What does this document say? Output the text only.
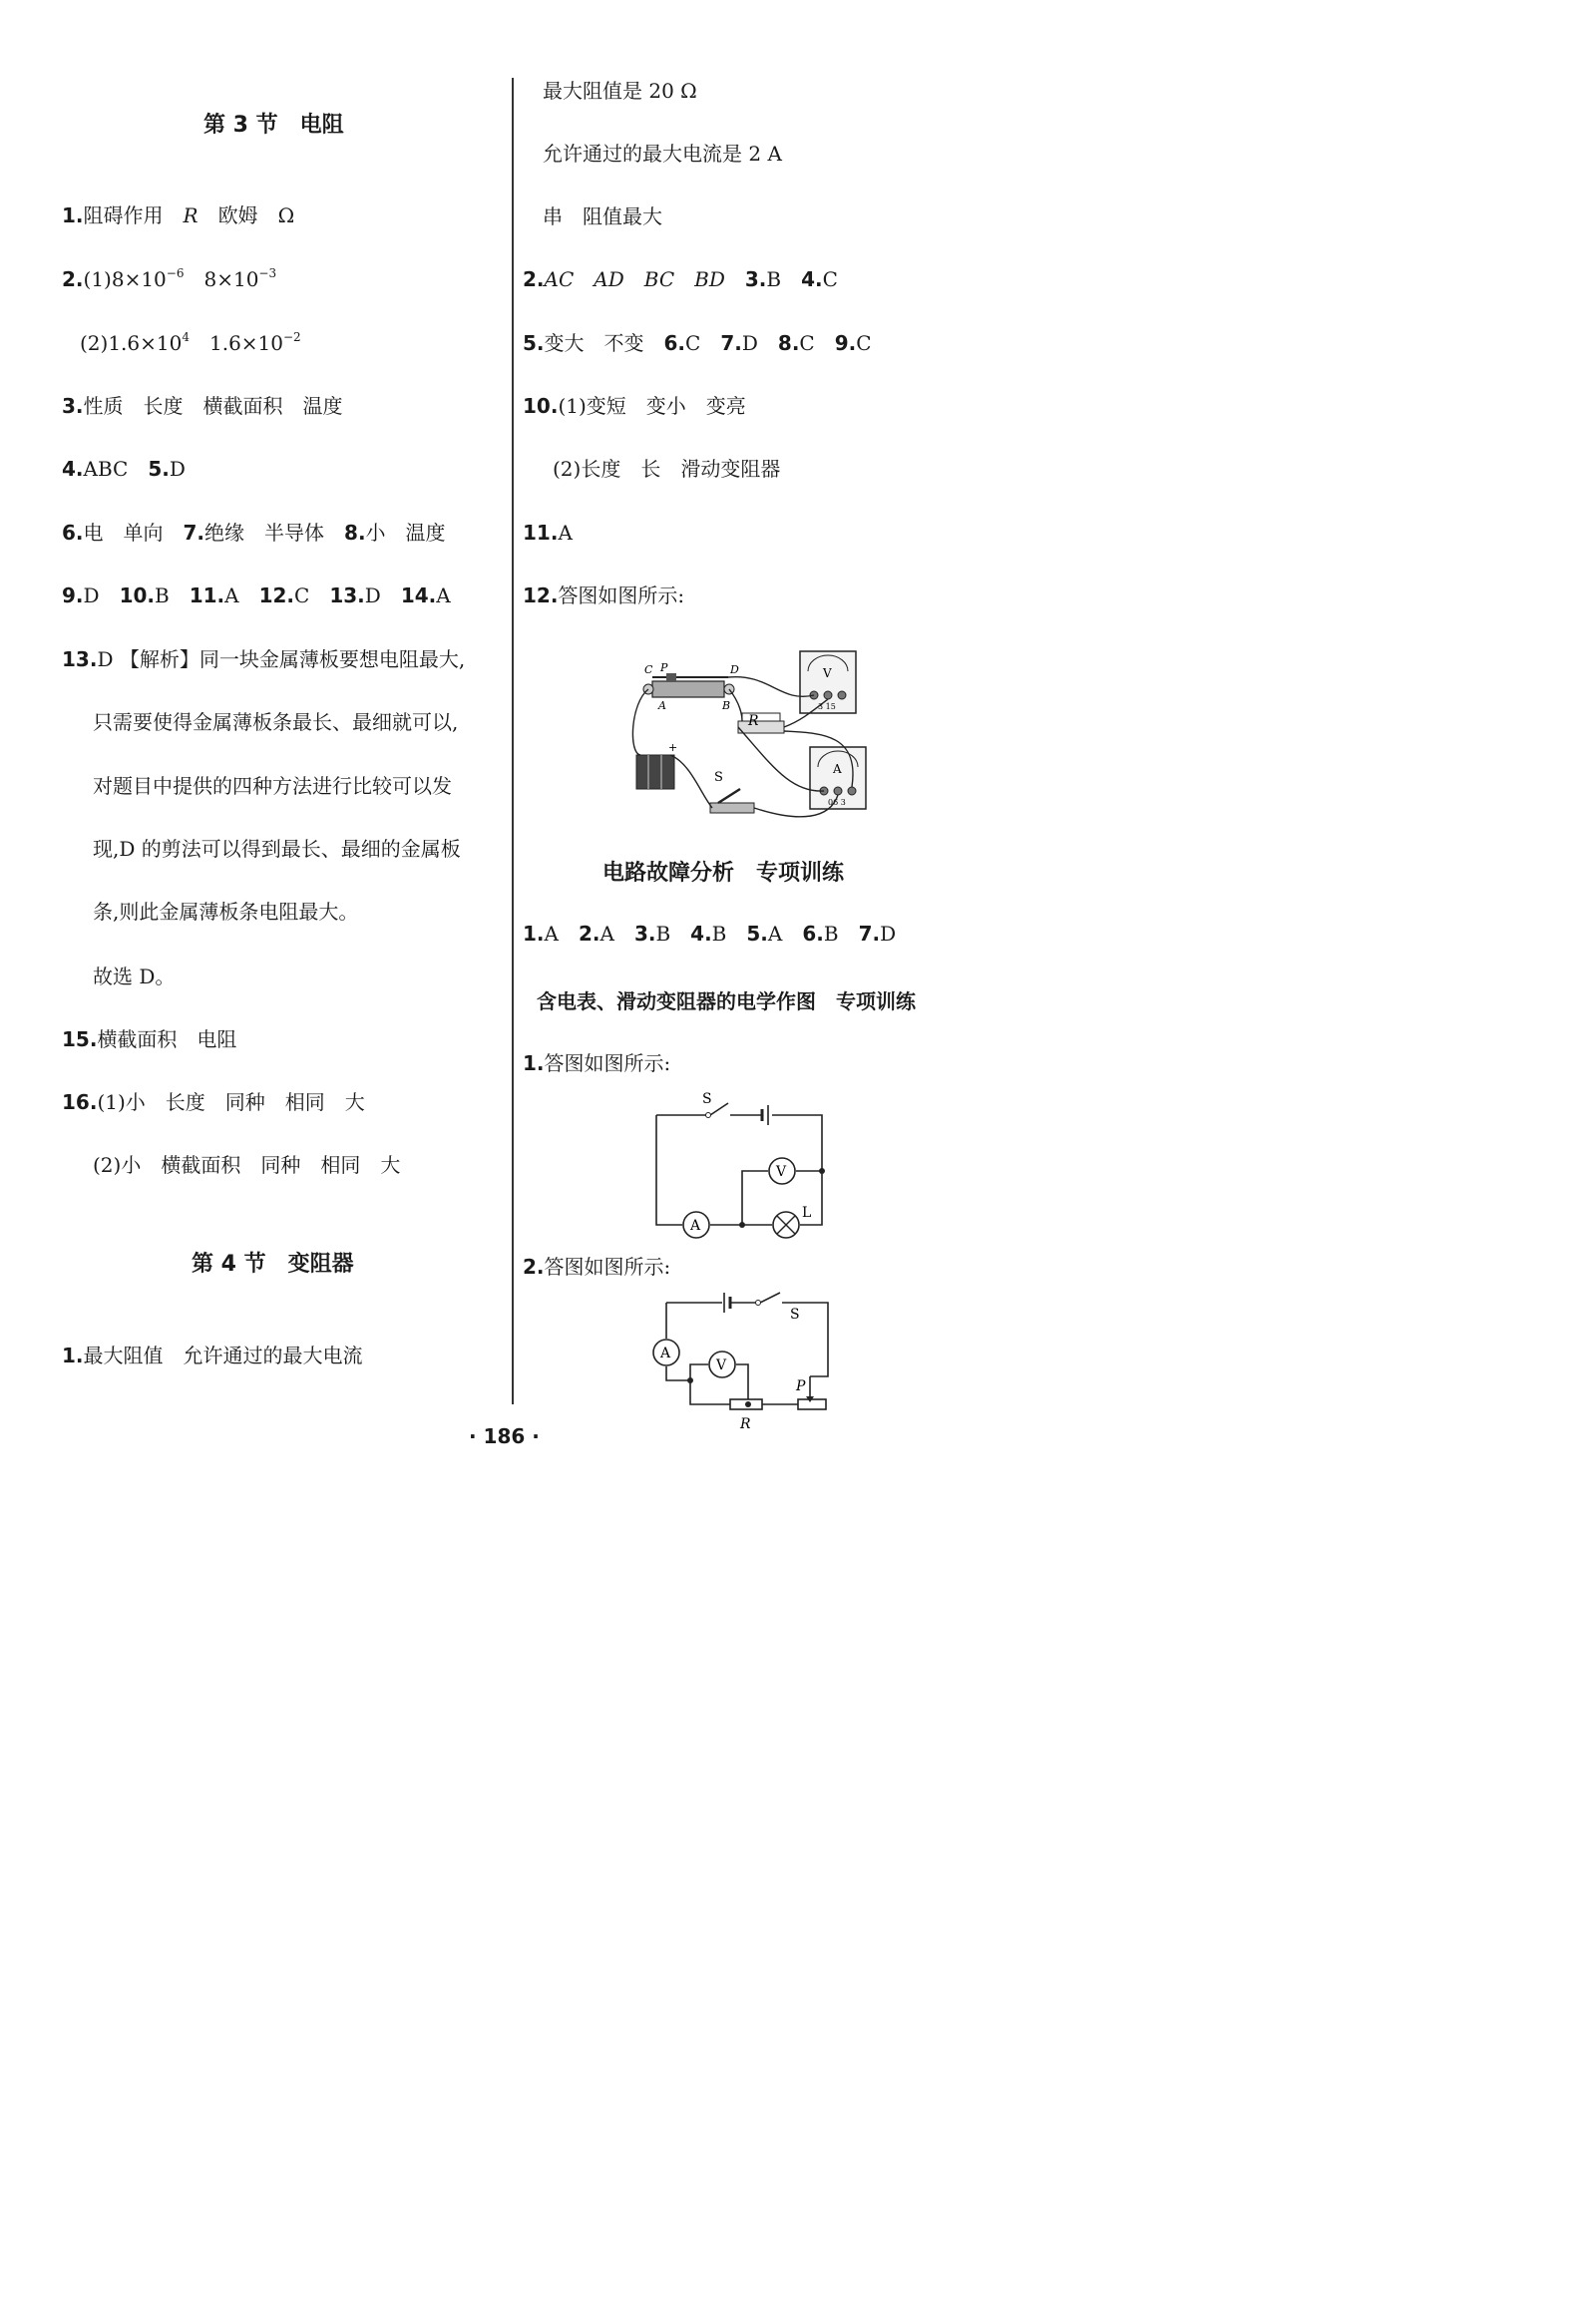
第 3 节　电阻
1.阻碍作用　 R　 欧姆　 Ω
$2.(1)8\times 10^{-6}$　 $8\times 10^{-3}$
$(2)1.6\times 10^4$　 $1.6\times 10^{-2}$
3.性质　长度　横截面积　温度
4.ABC　 5.D
6.电　单向　 7.绝缘　半导体　 8.小　温度
9.D　 10.B　 11.A　 12.C　 13.D　 14.A
13.D 【解析】同一块金属薄板要想电阻最大,
只需要使得金属薄板条最长、最细就可以,
对题目中提供的四种方法进行比较可以发
现,D 的剪法可以得到最长、最细的金属板
条,则此金属薄板条电阻最大。
故选 D。
15.横截面积　电阻
16.(1)小　长度　同种　相同　大
(2)小　横截面积　同种　相同　大
第 4 节　变阻器
1.最大阻值　允许通过的最大电流
最大阻值是 20 Ω
允许通过的最大电流是 2 A
串　阻值最大
2.AC　 AD　 BC　 BD　 3.B　 4.C
5.变大　不变　 6.C　 7.D　 8.C　 9.C
10.(1)变短　变小　变亮
(2)长度　长　滑动变阻器
11.A
12.答图如图所示:
C P	D
A	B
V
3 15
R
A
06 3
+
S
电路故障分析　专项训练
1.A　 2.A　 3.B　 4.B　 5.A　 6.B　 7.D
含电表、滑动变阻器的电学作图　专项训练
1.答图如图所示:
S
A
V
L
2.答图如图所示:
S
A
V
R
P
· 186 ·
